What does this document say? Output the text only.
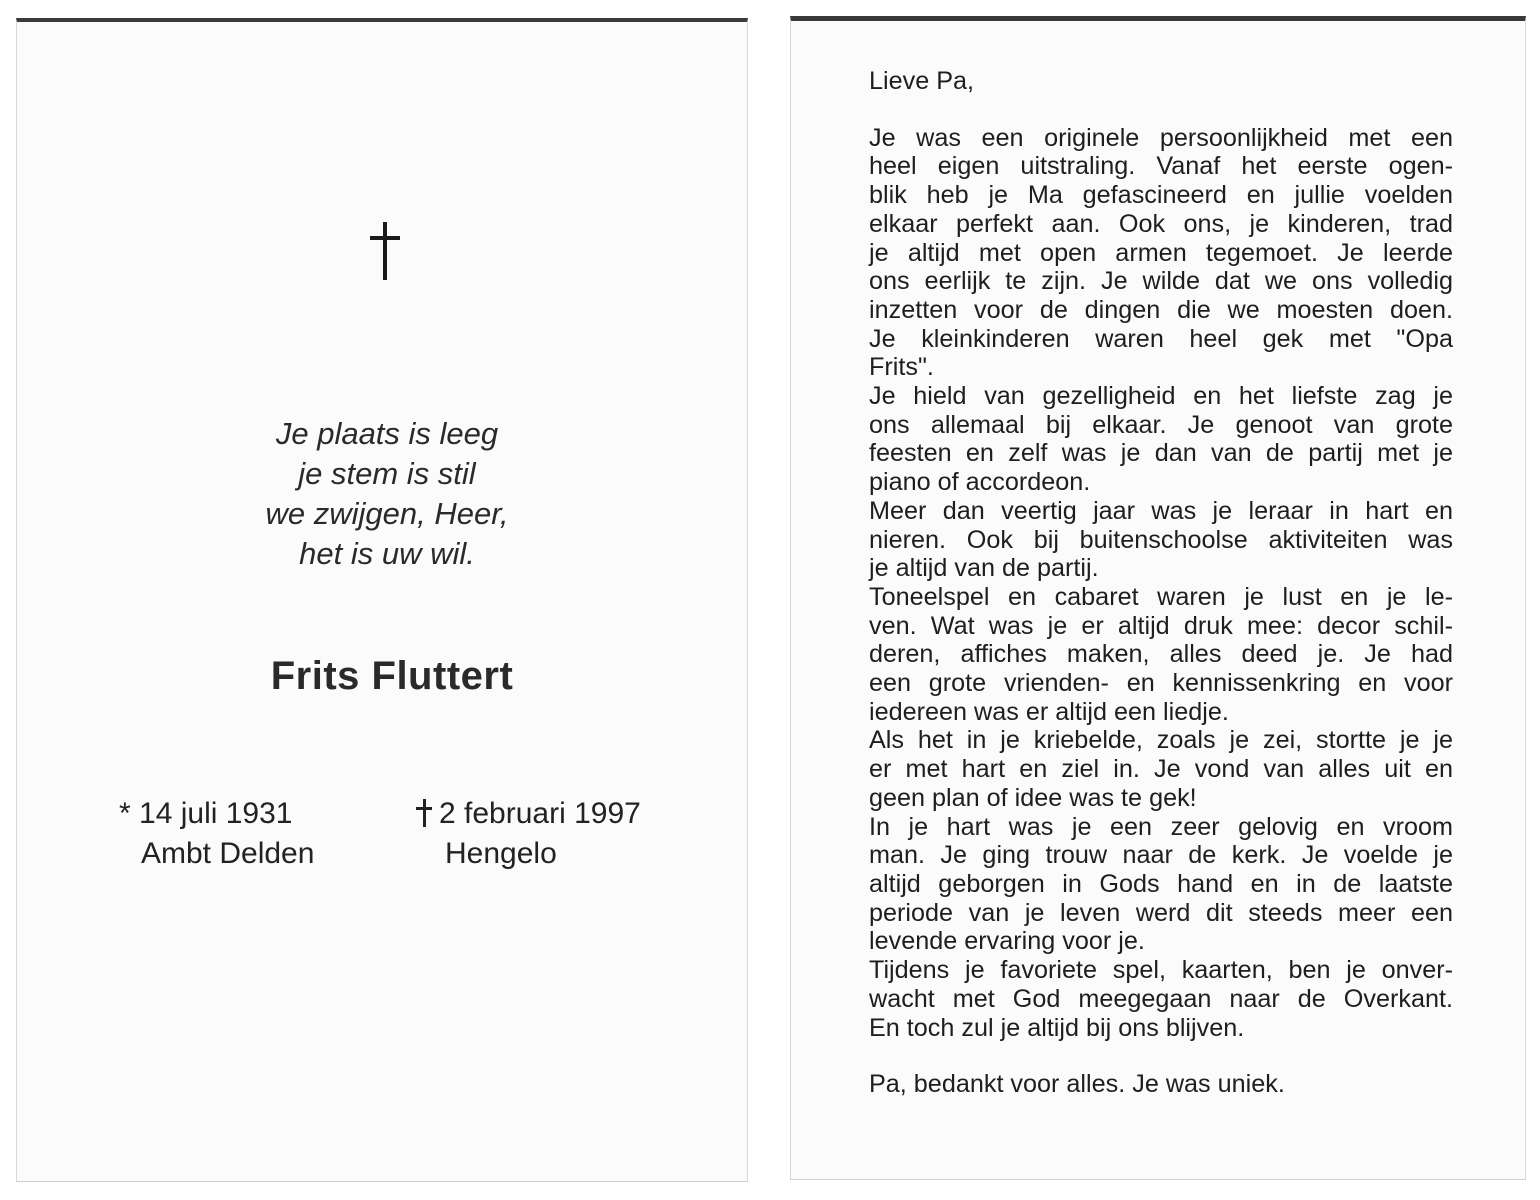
Je plaats is leeg
je stem is stil
we zwijgen, Heer,
het is uw wil.
Frits Fluttert
* 14 juli 1931
Ambt Delden
2 februari 1997
Hengelo
Lieve Pa,
Je was een originele persoonlijkheid met een
heel eigen uitstraling. Vanaf het eerste ogen-
blik heb je Ma gefascineerd en jullie voelden
elkaar perfekt aan. Ook ons, je kinderen, trad
je altijd met open armen tegemoet. Je leerde
ons eerlijk te zijn. Je wilde dat we ons volledig
inzetten voor de dingen die we moesten doen.
Je kleinkinderen waren heel gek met "Opa
Frits".
Je hield van gezelligheid en het liefste zag je
ons allemaal bij elkaar. Je genoot van grote
feesten en zelf was je dan van de partij met je
piano of accordeon.
Meer dan veertig jaar was je leraar in hart en
nieren. Ook bij buitenschoolse aktiviteiten was
je altijd van de partij.
Toneelspel en cabaret waren je lust en je le-
ven. Wat was je er altijd druk mee: decor schil-
deren, affiches maken, alles deed je. Je had
een grote vrienden- en kennissenkring en voor
iedereen was er altijd een liedje.
Als het in je kriebelde, zoals je zei, stortte je je
er met hart en ziel in. Je vond van alles uit en
geen plan of idee was te gek!
In je hart was je een zeer gelovig en vroom
man. Je ging trouw naar de kerk. Je voelde je
altijd geborgen in Gods hand en in de laatste
periode van je leven werd dit steeds meer een
levende ervaring voor je.
Tijdens je favoriete spel, kaarten, ben je onver-
wacht met God meegegaan naar de Overkant.
En toch zul je altijd bij ons blijven.
Pa, bedankt voor alles. Je was uniek.
